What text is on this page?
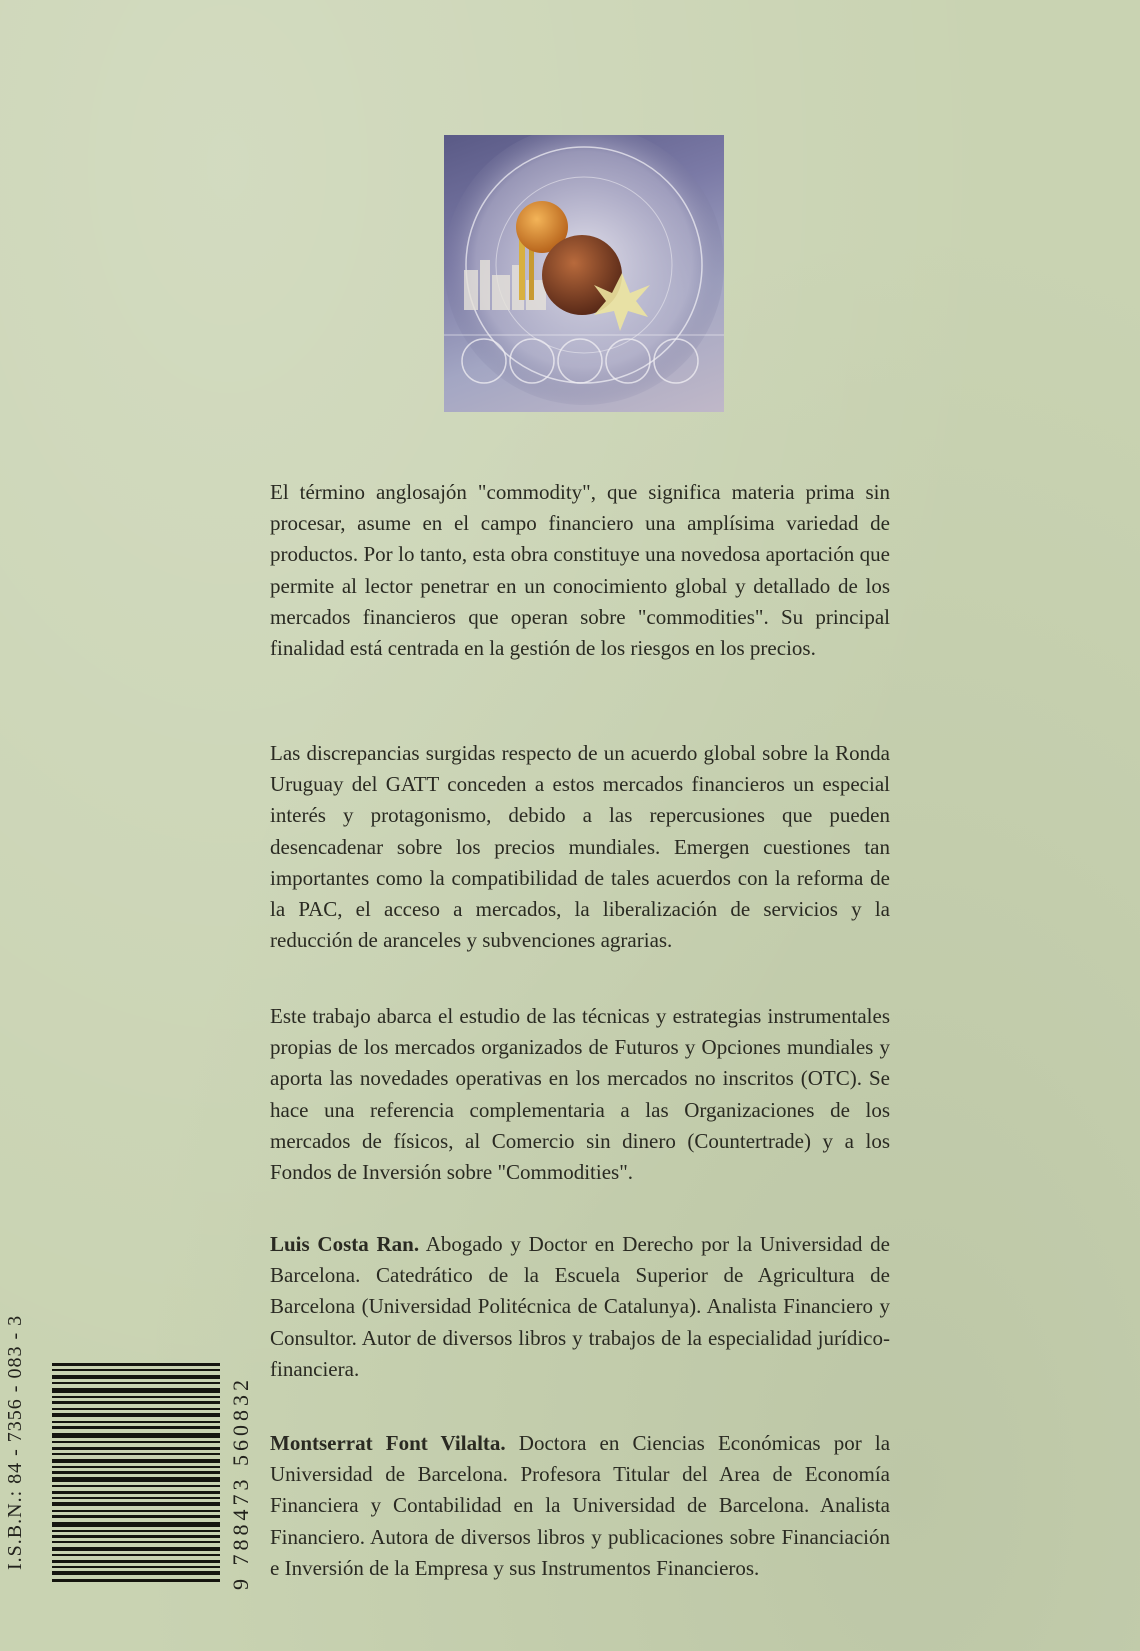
El término anglosajón "commodity", que significa materia prima sin procesar, asume en el campo financiero una amplísima variedad de productos. Por lo tanto, esta obra constituye una novedosa aportación que permite al lector penetrar en un conocimiento global y detallado de los mercados financieros que operan sobre "commodities". Su principal finalidad está centrada en la gestión de los riesgos en los precios.

Las discrepancias surgidas respecto de un acuerdo global sobre la Ronda Uruguay del GATT conceden a estos mercados financieros un especial interés y protagonismo, debido a las repercusiones que pueden desencadenar sobre los precios mundiales. Emergen cuestiones tan importantes como la compatibilidad de tales acuerdos con la reforma de la PAC, el acceso a mercados, la liberalización de servicios y la reducción de aranceles y subvenciones agrarias.

Este trabajo abarca el estudio de las técnicas y estrategias instrumentales propias de los mercados organizados de Futuros y Opciones mundiales y aporta las novedades operativas en los mercados no inscritos (OTC). Se hace una referencia complementaria a las Organizaciones de los mercados de físicos, al Comercio sin dinero (Countertrade) y a los Fondos de Inversión sobre "Commodities".

Luis Costa Ran. Abogado y Doctor en Derecho por la Universidad de Barcelona. Catedrático de la Escuela Superior de Agricultura de Barcelona (Universidad Politécnica de Catalunya). Analista Financiero y Consultor. Autor de diversos libros y trabajos de la especialidad jurídico-financiera.

Montserrat Font Vilalta. Doctora en Ciencias Económicas por la Universidad de Barcelona. Profesora Titular del Area de Economía Financiera y Contabilidad en la Universidad de Barcelona. Analista Financiero. Autora de diversos libros y publicaciones sobre Financiación e Inversión de la Empresa y sus Instrumentos Financieros.

I.S.B.N.: 84 - 7356 - 083 - 3	9 788473 560832
